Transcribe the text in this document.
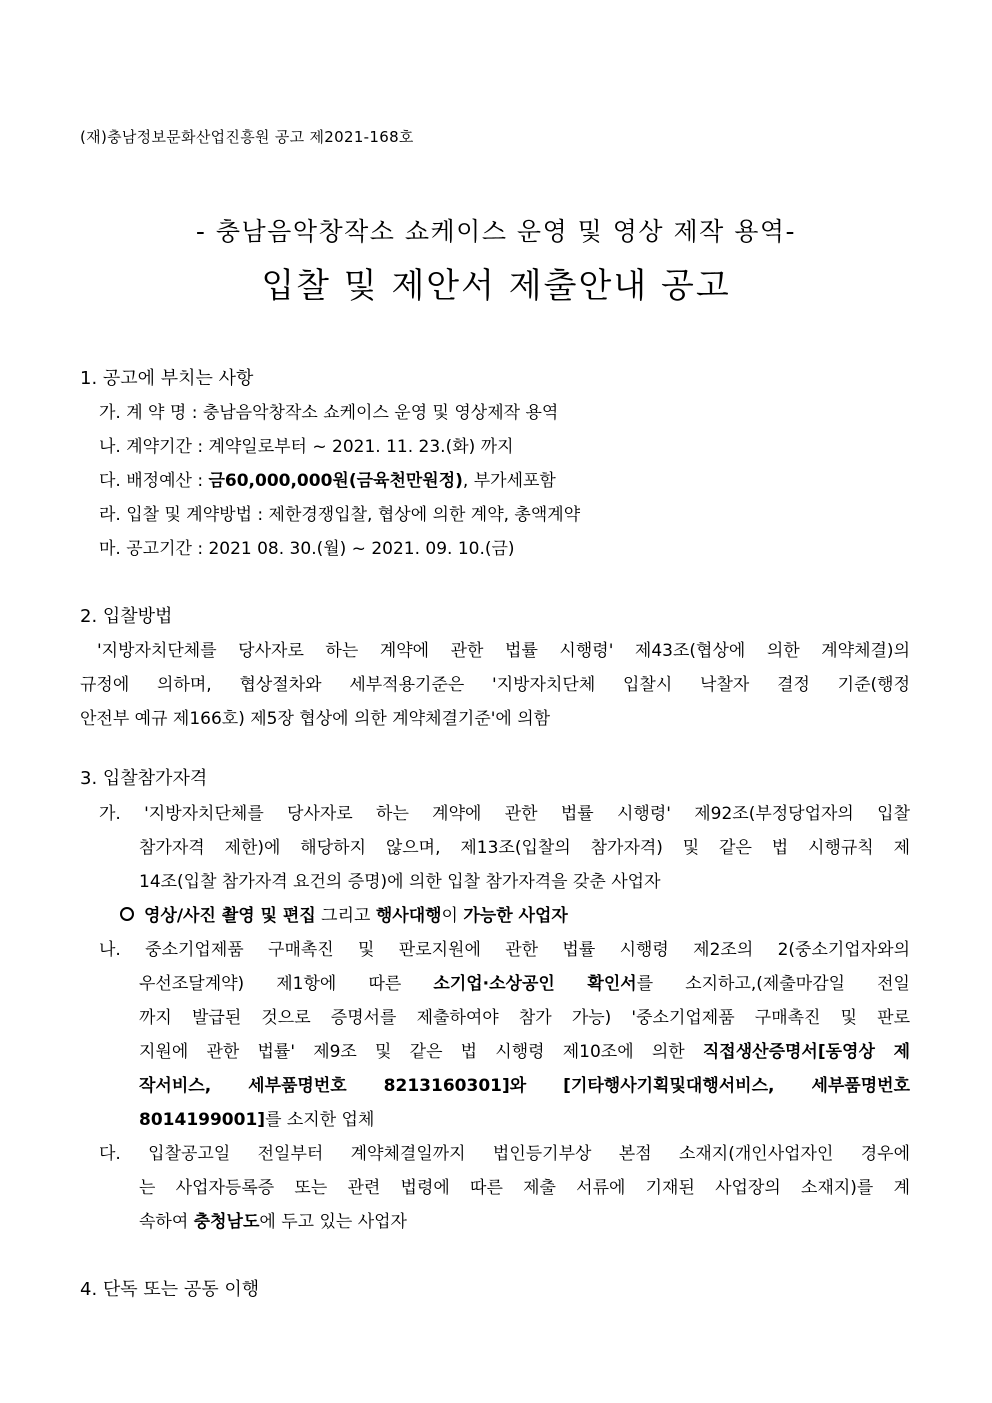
(재)충남정보문화산업진흥원 공고 제2021-168호
- 충남음악창작소 쇼케이스 운영 및 영상 제작 용역-
입찰 및 제안서 제출안내 공고
1. 공고에 부치는 사항
가. 계 약 명 : 충남음악창작소 쇼케이스 운영 및 영상제작 용역
나. 계약기간 : 계약일로부터 ~ 2021. 11. 23.(화) 까지
다. 배정예산 : 금60,000,000원(금육천만원정), 부가세포함
라. 입찰 및 계약방법 : 제한경쟁입찰, 협상에 의한 계약, 총액계약
마. 공고기간 : 2021 08. 30.(월) ~ 2021. 09. 10.(금)
2. 입찰방법
'지방자치단체를 당사자로 하는 계약에 관한 법률 시행령' 제43조(협상에 의한 계약체결)의
규정에 의하며, 협상절차와 세부적용기준은 '지방자치단체 입찰시 낙찰자 결정 기준(행정
안전부 예규 제166호) 제5장 협상에 의한 계약체결기준'에 의함
3. 입찰참가자격
가. '지방자치단체를 당사자로 하는 계약에 관한 법률 시행령' 제92조(부정당업자의 입찰
참가자격 제한)에 해당하지 않으며, 제13조(입찰의 참가자격) 및 같은 법 시행규칙 제
14조(입찰 참가자격 요건의 증명)에 의한 입찰 참가자격을 갖춘 사업자
영상/사진 촬영 및 편집 그리고 행사대행이 가능한 사업자
나. 중소기업제품 구매촉진 및 판로지원에 관한 법률 시행령 제2조의 2(중소기업자와의
우선조달계약) 제1항에 따른 소기업·소상공인 확인서를 소지하고,(제출마감일 전일
까지 발급된 것으로 증명서를 제출하여야 참가 가능) '중소기업제품 구매촉진 및 판로
지원에 관한 법률' 제9조 및 같은 법 시행령 제10조에 의한 직접생산증명서[동영상 제
작서비스, 세부품명번호 8213160301]와 [기타행사기획및대행서비스, 세부품명번호
8014199001]를 소지한 업체
다. 입찰공고일 전일부터 계약체결일까지 법인등기부상 본점 소재지(개인사업자인 경우에
는 사업자등록증 또는 관련 법령에 따른 제출 서류에 기재된 사업장의 소재지)를 계
속하여 충청남도에 두고 있는 사업자
4. 단독 또는 공동 이행
